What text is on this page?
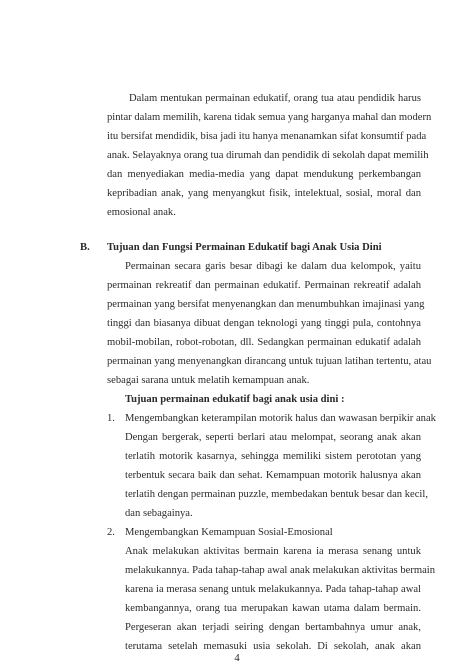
Dalam mentukan permainan edukatif, orang tua atau pendidik harus
pintar dalam memilih, karena tidak semua yang harganya mahal dan modern
itu bersifat mendidik, bisa jadi itu hanya menanamkan sifat konsumtif pada
anak. Selayaknya orang tua dirumah dan pendidik di sekolah dapat memilih
dan menyediakan media-media yang dapat mendukung perkembangan
kepribadian anak, yang menyangkut fisik, intelektual, sosial, moral dan
emosional anak.
B. Tujuan dan Fungsi Permainan Edukatif bagi Anak Usia Dini
Permainan secara garis besar dibagi ke dalam dua kelompok, yaitu
permainan rekreatif dan permainan edukatif. Permainan rekreatif adalah
permainan yang bersifat menyenangkan dan menumbuhkan imajinasi yang
tinggi dan biasanya dibuat dengan teknologi yang tinggi pula, contohnya
mobil-mobilan, robot-robotan, dll. Sedangkan permainan edukatif adalah
permainan yang menyenangkan dirancang untuk tujuan latihan tertentu, atau
sebagai sarana untuk melatih kemampuan anak.
Tujuan permainan edukatif bagi anak usia dini :
1. Mengembangkan keterampilan motorik halus dan wawasan berpikir anak
Dengan bergerak, seperti berlari atau melompat, seorang anak akan
terlatih motorik kasarnya, sehingga memiliki sistem perototan yang
terbentuk secara baik dan sehat. Kemampuan motorik halusnya akan
terlatih dengan permainan puzzle, membedakan bentuk besar dan kecil,
dan sebagainya.
2. Mengembangkan Kemampuan Sosial-Emosional
Anak melakukan aktivitas bermain karena ia merasa senang untuk
melakukannya. Pada tahap-tahap awal anak melakukan aktivitas bermain
karena ia merasa senang untuk melakukannya. Pada tahap-tahap awal
kembangannya, orang tua merupakan kawan utama dalam bermain.
Pergeseran akan terjadi seiring dengan bertambahnya umur anak,
terutama setelah memasuki usia sekolah. Di sekolah, anak akan
4
